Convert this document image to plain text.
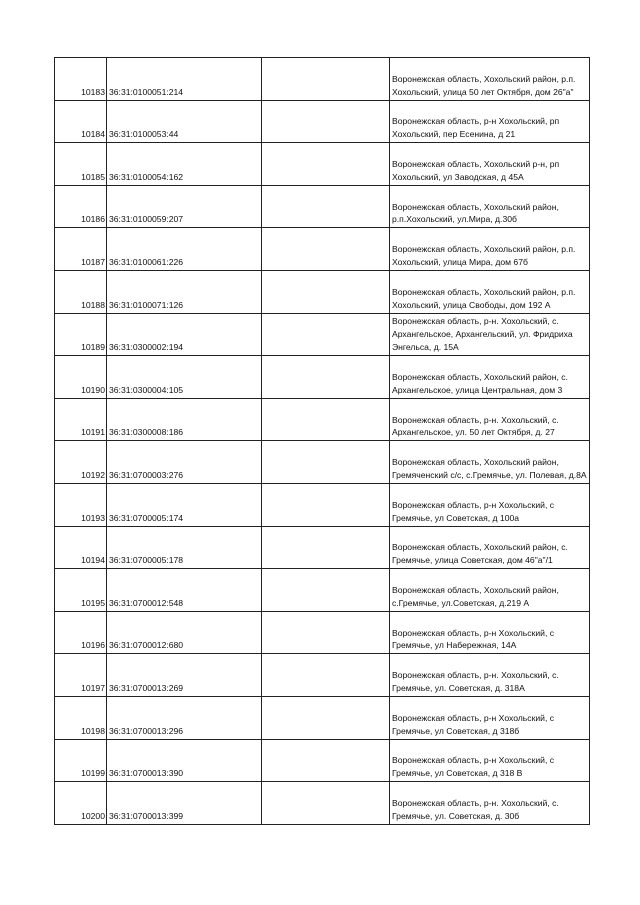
10183	36:31:0100051:214		Воронежская область, Хохольский район, р.п. Хохольский, улица 50 лет Октября, дом 26"а"
10184	36:31:0100053:44		Воронежская область, р-н Хохольский, рп Хохольский, пер Есенина, д 21
10185	36:31:0100054:162		Воронежская область, Хохольский р-н, рп Хохольский, ул Заводская, д 45А
10186	36:31:0100059:207		Воронежская область, Хохольский район, р.п.Хохольский, ул.Мира, д.30б
10187	36:31:0100061:226		Воронежская область, Хохольский район, р.п. Хохольский, улица Мира, дом 67б
10188	36:31:0100071:126		Воронежская область, Хохольский район, р.п. Хохольский, улица Свободы, дом 192 А
10189	36:31:0300002:194		Воронежская область, р-н. Хохольский, с. Архангельское, Архангельский, ул. Фридриха Энгельса, д. 15А
10190	36:31:0300004:105		Воронежская область, Хохольский район, с. Архангельское, улица Центральная, дом 3
10191	36:31:0300008:186		Воронежская область, р-н. Хохольский, с. Архангельское, ул. 50 лет Октября, д. 27
10192	36:31:0700003:276		Воронежская область, Хохольский район, Гремяченский с/с, с.Гремячье, ул. Полевая, д.8А
10193	36:31:0700005:174		Воронежская область, р-н Хохольский, с Гремячье, ул Советская, д 100а
10194	36:31:0700005:178		Воронежская область, Хохольский район, с. Гремячье, улица Советская, дом 46"а"/1
10195	36:31:0700012:548		Воронежская область, Хохольский район, с.Гремячье, ул.Советская, д.219 А
10196	36:31:0700012:680		Воронежская область, р-н Хохольский, с Гремячье, ул Набережная, 14А
10197	36:31:0700013:269		Воронежская область, р-н. Хохольский, с. Гремячье, ул. Советская, д. 318А
10198	36:31:0700013:296		Воронежская область, р-н Хохольский, с Гремячье, ул Советская, д 318б
10199	36:31:0700013:390		Воронежская область, р-н Хохольский, с Гремячье, ул Советская, д 318 В
10200	36:31:0700013:399		Воронежская область, р-н. Хохольский, с. Гремячье, ул. Советская, д. 30б
